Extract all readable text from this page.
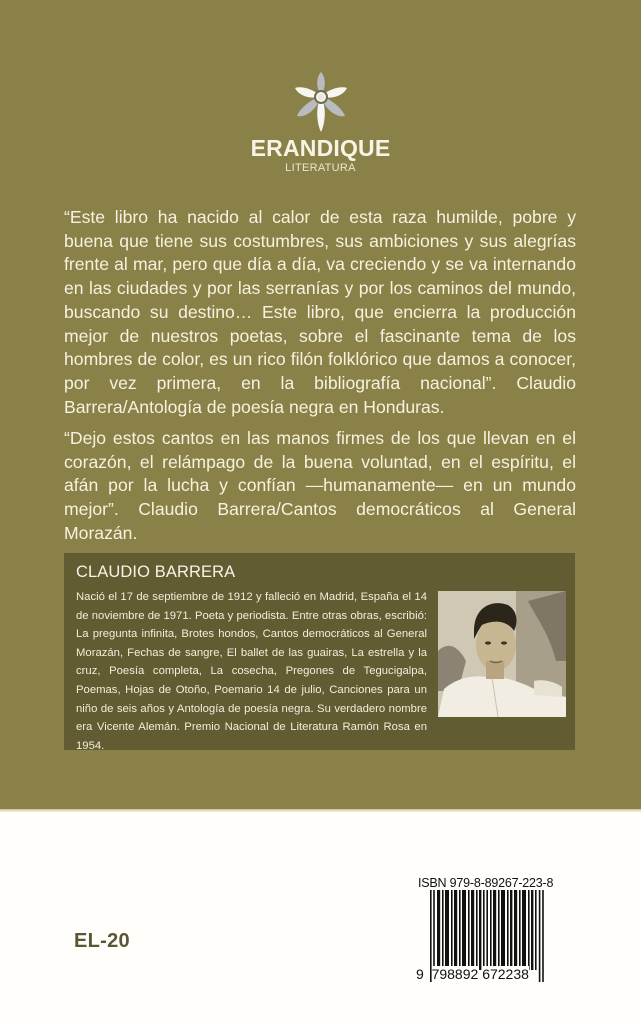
ERANDIQUE
LITERATURA

“Este libro ha nacido al calor de esta raza humilde, pobre y buena que tiene sus costumbres, sus ambiciones y sus alegrías frente al mar, pero que día a día, va creciendo y se va internando en las ciudades y por las serranías y por los caminos del mundo, buscando su destino… Este libro, que encierra la producción mejor de nuestros poetas, sobre el fascinante tema de los hombres de color, es un rico filón folklórico que damos a conocer, por vez primera, en la bibliografía nacional”. Claudio Barrera/Antología de poesía negra en Honduras.

“Dejo estos cantos en las manos firmes de los que llevan en el corazón, el relámpago de la buena voluntad, en el espíritu, el afán por la lucha y confían —humanamente— en un mundo mejor”. Claudio Barrera/Cantos democráticos al General Morazán.

CLAUDIO BARRERA

Nació el 17 de septiembre de 1912 y falleció en Madrid, España el 14 de noviembre de 1971. Poeta y periodista. Entre otras obras, escribió: La pregunta infinita, Brotes hondos, Cantos democráticos al General Morazán, Fechas de sangre, El ballet de las guairas, La estrella y la cruz, Poesía completa, La cosecha, Pregones de Tegucigalpa, Poemas, Hojas de Otoño, Poemario 14 de julio, Canciones para un niño de seis años y Antología de poesía negra. Su verdadero nombre era Vicente Alemán. Premio Nacional de Literatura Ramón Rosa en 1954.

EL-20
ISBN 979-8-89267-223-8
9 798892 672238
